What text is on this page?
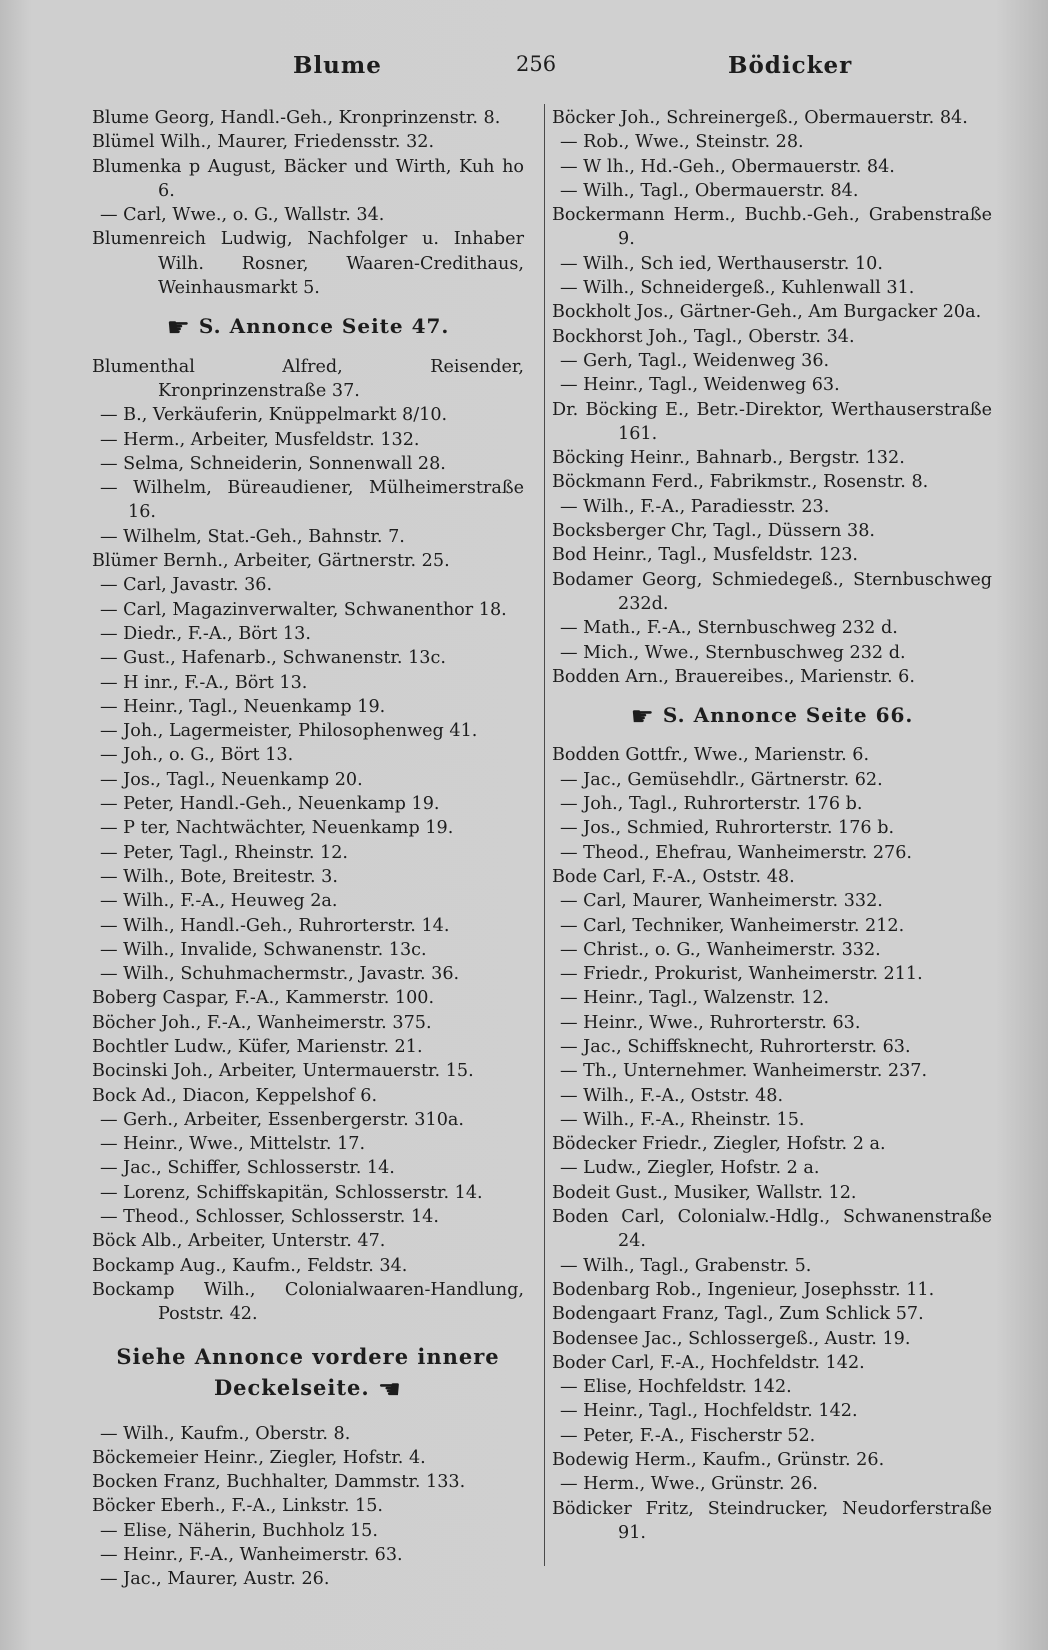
Blume	256	Bödicker

Blume Georg, Handl.-Geh., Kronprinzenstr. 8.

Blümel Wilh., Maurer, Friedensstr. 32.

Blumenka p August, Bäcker und Wirth, Kuh ho 6.

— Carl, Wwe., o. G., Wallstr. 34.

Blumenreich Ludwig, Nachfolger u. Inhaber Wilh. Rosner, Waaren-Credithaus, Weinhausmarkt 5.

☛ S. Annonce Seite 47.

Blumenthal Alfred, Reisender, Kronprinzenstraße 37.

— B., Verkäuferin, Knüppelmarkt 8/10.

— Herm., Arbeiter, Musfeldstr. 132.

— Selma, Schneiderin, Sonnenwall 28.

— Wilhelm, Büreaudiener, Mülheimerstraße 16.

— Wilhelm, Stat.-Geh., Bahnstr. 7.

Blümer Bernh., Arbeiter, Gärtnerstr. 25.

— Carl, Javastr. 36.

— Carl, Magazinverwalter, Schwanenthor 18.

— Diedr., F.-A., Bört 13.

— Gust., Hafenarb., Schwanenstr. 13c.

— H inr., F.-A., Bört 13.

— Heinr., Tagl., Neuenkamp 19.

— Joh., Lagermeister, Philosophenweg 41.

— Joh., o. G., Bört 13.

— Jos., Tagl., Neuenkamp 20.

— Peter, Handl.-Geh., Neuenkamp 19.

— P ter, Nachtwächter, Neuenkamp 19.

— Peter, Tagl., Rheinstr. 12.

— Wilh., Bote, Breitestr. 3.

— Wilh., F.-A., Heuweg 2a.

— Wilh., Handl.-Geh., Ruhrorterstr. 14.

— Wilh., Invalide, Schwanenstr. 13c.

— Wilh., Schuhmachermstr., Javastr. 36.

Boberg Caspar, F.-A., Kammerstr. 100.

Böcher Joh., F.-A., Wanheimerstr. 375.

Bochtler Ludw., Küfer, Marienstr. 21.

Bocinski Joh., Arbeiter, Untermauerstr. 15.

Bock Ad., Diacon, Keppelshof 6.

— Gerh., Arbeiter, Essenbergerstr. 310a.

— Heinr., Wwe., Mittelstr. 17.

— Jac., Schiffer, Schlosserstr. 14.

— Lorenz, Schiffskapitän, Schlosserstr. 14.

— Theod., Schlosser, Schlosserstr. 14.

Böck Alb., Arbeiter, Unterstr. 47.

Bockamp Aug., Kaufm., Feldstr. 34.

Bockamp Wilh., Colonialwaaren-Handlung, Poststr. 42.

Siehe Annonce vordere innere Deckelseite. ☚

— Wilh., Kaufm., Oberstr. 8.

Böckemeier Heinr., Ziegler, Hofstr. 4.

Bocken Franz, Buchhalter, Dammstr. 133.

Böcker Eberh., F.-A., Linkstr. 15.

— Elise, Näherin, Buchholz 15.

— Heinr., F.-A., Wanheimerstr. 63.

— Jac., Maurer, Austr. 26.

Böcker Joh., Schreinergeß., Obermauerstr. 84.

— Rob., Wwe., Steinstr. 28.

— W lh., Hd.-Geh., Obermauerstr. 84.

— Wilh., Tagl., Obermauerstr. 84.

Bockermann Herm., Buchb.-Geh., Grabenstraße 9.

— Wilh., Sch ied, Werthauserstr. 10.

— Wilh., Schneidergeß., Kuhlenwall 31.

Bockholt Jos., Gärtner-Geh., Am Burgacker 20a.

Bockhorst Joh., Tagl., Oberstr. 34.

— Gerh, Tagl., Weidenweg 36.

— Heinr., Tagl., Weidenweg 63.

Dr. Böcking E., Betr.-Direktor, Werthauserstraße 161.

Böcking Heinr., Bahnarb., Bergstr. 132.

Böckmann Ferd., Fabrikmstr., Rosenstr. 8.

— Wilh., F.-A., Paradiesstr. 23.

Bocksberger Chr, Tagl., Düssern 38.

Bod Heinr., Tagl., Musfeldstr. 123.

Bodamer Georg, Schmiedegeß., Sternbuschweg 232d.

— Math., F.-A., Sternbuschweg 232 d.

— Mich., Wwe., Sternbuschweg 232 d.

Bodden Arn., Brauereibes., Marienstr. 6.

☛ S. Annonce Seite 66.

Bodden Gottfr., Wwe., Marienstr. 6.

— Jac., Gemüsehdlr., Gärtnerstr. 62.

— Joh., Tagl., Ruhrorterstr. 176 b.

— Jos., Schmied, Ruhrorterstr. 176 b.

— Theod., Ehefrau, Wanheimerstr. 276.

Bode Carl, F.-A., Oststr. 48.

— Carl, Maurer, Wanheimerstr. 332.

— Carl, Techniker, Wanheimerstr. 212.

— Christ., o. G., Wanheimerstr. 332.

— Friedr., Prokurist, Wanheimerstr. 211.

— Heinr., Tagl., Walzenstr. 12.

— Heinr., Wwe., Ruhrorterstr. 63.

— Jac., Schiffsknecht, Ruhrorterstr. 63.

— Th., Unternehmer. Wanheimerstr. 237.

— Wilh., F.-A., Oststr. 48.

— Wilh., F.-A., Rheinstr. 15.

Bödecker Friedr., Ziegler, Hofstr. 2 a.

— Ludw., Ziegler, Hofstr. 2 a.

Bodeit Gust., Musiker, Wallstr. 12.

Boden Carl, Colonialw.-Hdlg., Schwanenstraße 24.

— Wilh., Tagl., Grabenstr. 5.

Bodenbarg Rob., Ingenieur, Josephsstr. 11.

Bodengaart Franz, Tagl., Zum Schlick 57.

Bodensee Jac., Schlossergeß., Austr. 19.

Boder Carl, F.-A., Hochfeldstr. 142.

— Elise, Hochfeldstr. 142.

— Heinr., Tagl., Hochfeldstr. 142.

— Peter, F.-A., Fischerstr 52.

Bodewig Herm., Kaufm., Grünstr. 26.

— Herm., Wwe., Grünstr. 26.

Bödicker Fritz, Steindrucker, Neudorferstraße 91.
